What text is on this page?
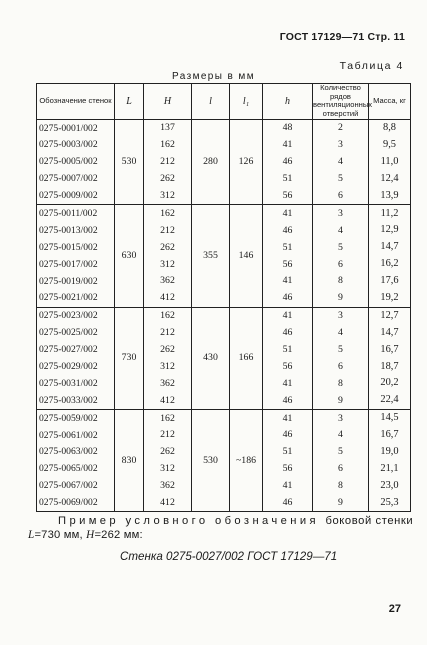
ГОСТ 17129—71 Стр. 11
Таблица 4
Размеры в мм
Обозначение стенок	L	H	l	l₁	h	Количество рядов вентиляционных отверстий	Масса, кг
0275-0001/002	530	137	280	126	48	2	8,8
0275-0003/002		162			41	3	9,5
0275-0005/002		212			46	4	11,0
0275-0007/002		262			51	5	12,4
0275-0009/002		312			56	6	13,9
0275-0011/002	630	162	355	146	41	3	11,2
0275-0013/002		212			46	4	12,9
0275-0015/002		262			51	5	14,7
0275-0017/002		312			56	6	16,2
0275-0019/002		362			41	8	17,6
0275-0021/002		412			46	9	19,2
0275-0023/002	730	162	430	166	41	3	12,7
0275-0025/002		212			46	4	14,7
0275-0027/002		262			51	5	16,7
0275-0029/002		312			56	6	18,7
0275-0031/002		362			41	8	20,2
0275-0033/002		412			46	9	22,4
0275-0059/002	830	162	530	~186	41	3	14,5
0275-0061/002		212			46	4	16,7
0275-0063/002		262			51	5	19,0
0275-0065/002		312			56	6	21,1
0275-0067/002		362			41	8	23,0
0275-0069/002		412			46	9	25,3
Пример условного обозначения боковой стенки
L=730 мм, H=262 мм:
Стенка 0275-0027/002 ГОСТ 17129—71
27
